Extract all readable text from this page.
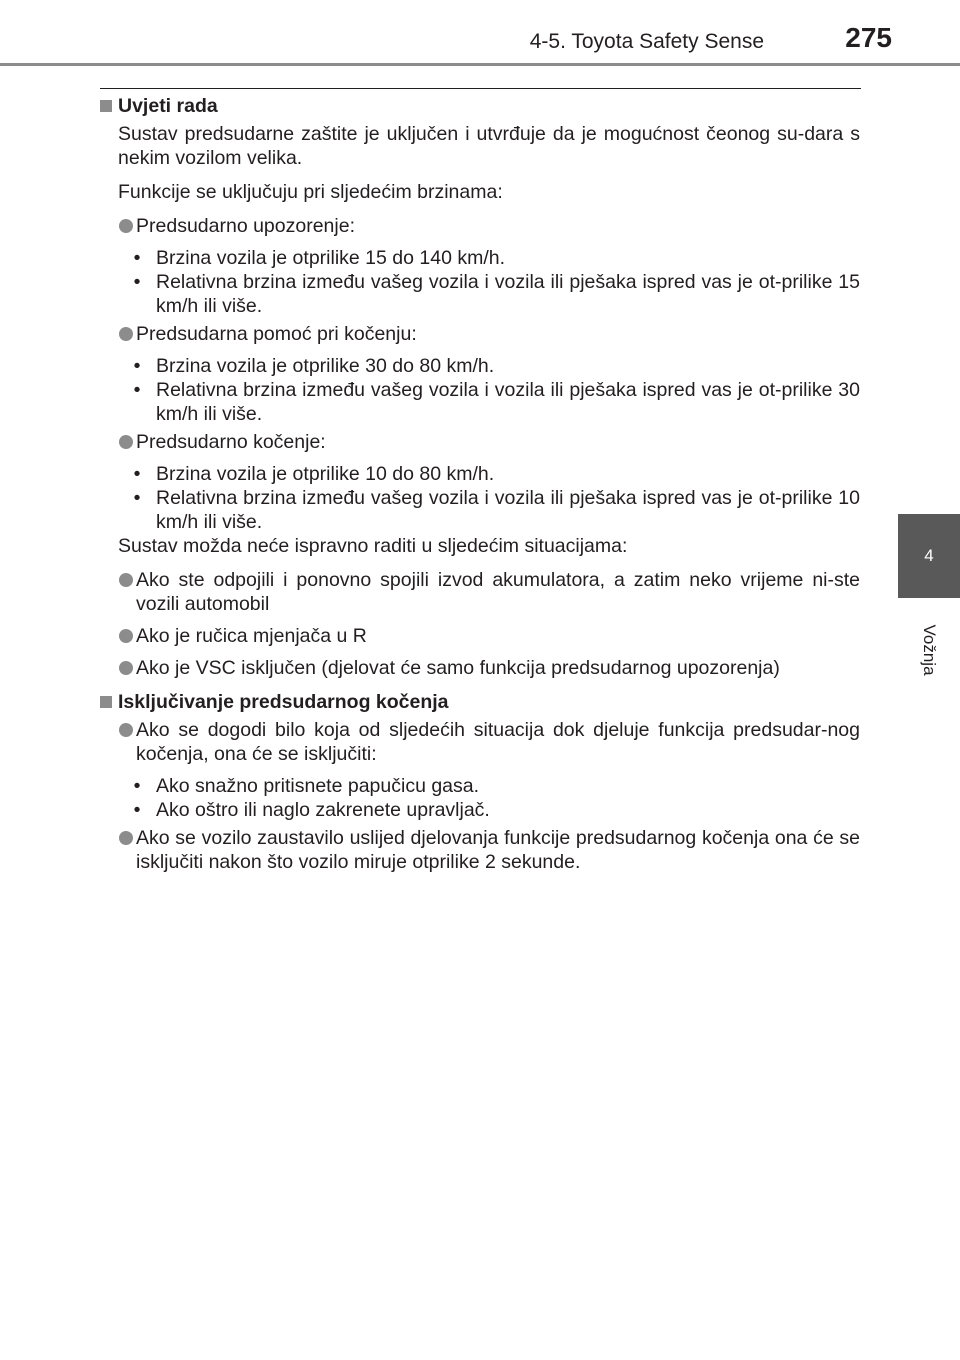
4-5. Toyota Safety Sense	275
4
Vožnja
Uvjeti rada
Sustav predsudarne zaštite je uključen i utvrđuje da je mogućnost čeonog su-dara s nekim vozilom velika.
Funkcije se uključuju pri sljedećim brzinama:
Predsudarno upozorenje:
• Brzina vozila je otprilike 15 do 140 km/h.
• Relativna brzina između vašeg vozila i vozila ili pješaka ispred vas je ot-prilike 15 km/h ili više.
Predsudarna pomoć pri kočenju:
• Brzina vozila je otprilike 30 do 80 km/h.
• Relativna brzina između vašeg vozila i vozila ili pješaka ispred vas je ot-prilike 30 km/h ili više.
Predsudarno kočenje:
• Brzina vozila je otprilike 10 do 80 km/h.
• Relativna brzina između vašeg vozila i vozila ili pješaka ispred vas je ot-prilike 10 km/h ili više.
Sustav možda neće ispravno raditi u sljedećim situacijama:
Ako ste odpojili i ponovno spojili izvod akumulatora, a zatim neko vrijeme ni-ste vozili automobil
Ako je ručica mjenjača u R
Ako je VSC isključen (djelovat će samo funkcija predsudarnog upozorenja)
Isključivanje predsudarnog kočenja
Ako se dogodi bilo koja od sljedećih situacija dok djeluje funkcija predsudar-nog kočenja, ona će se isključiti:
• Ako snažno pritisnete papučicu gasa.
• Ako oštro ili naglo zakrenete upravljač.
Ako se vozilo zaustavilo uslijed djelovanja funkcije predsudarnog kočenja ona će se isključiti nakon što vozilo miruje otprilike 2 sekunde.
